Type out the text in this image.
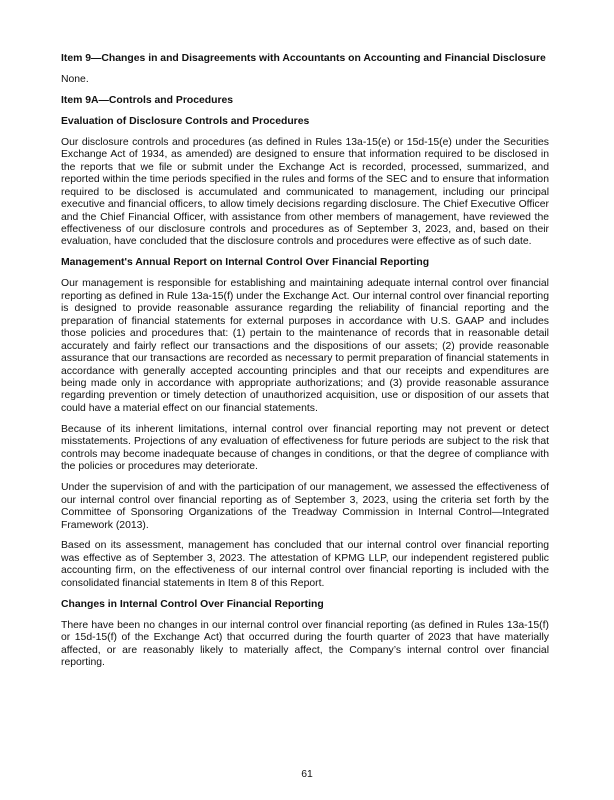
Item 9—Changes in and Disagreements with Accountants on Accounting and Financial Disclosure
None.
Item 9A—Controls and Procedures
Evaluation of Disclosure Controls and Procedures
Our disclosure controls and procedures (as defined in Rules 13a-15(e) or 15d-15(e) under the Securities Exchange Act of 1934, as amended) are designed to ensure that information required to be disclosed in the reports that we file or submit under the Exchange Act is recorded, processed, summarized, and reported within the time periods specified in the rules and forms of the SEC and to ensure that information required to be disclosed is accumulated and communicated to management, including our principal executive and financial officers, to allow timely decisions regarding disclosure. The Chief Executive Officer and the Chief Financial Officer, with assistance from other members of management, have reviewed the effectiveness of our disclosure controls and procedures as of September 3, 2023, and, based on their evaluation, have concluded that the disclosure controls and procedures were effective as of such date.
Management's Annual Report on Internal Control Over Financial Reporting
Our management is responsible for establishing and maintaining adequate internal control over financial reporting as defined in Rule 13a-15(f) under the Exchange Act. Our internal control over financial reporting is designed to provide reasonable assurance regarding the reliability of financial reporting and the preparation of financial statements for external purposes in accordance with U.S. GAAP and includes those policies and procedures that: (1) pertain to the maintenance of records that in reasonable detail accurately and fairly reflect our transactions and the dispositions of our assets; (2) provide reasonable assurance that our transactions are recorded as necessary to permit preparation of financial statements in accordance with generally accepted accounting principles and that our receipts and expenditures are being made only in accordance with appropriate authorizations; and (3) provide reasonable assurance regarding prevention or timely detection of unauthorized acquisition, use or disposition of our assets that could have a material effect on our financial statements.
Because of its inherent limitations, internal control over financial reporting may not prevent or detect misstatements. Projections of any evaluation of effectiveness for future periods are subject to the risk that controls may become inadequate because of changes in conditions, or that the degree of compliance with the policies or procedures may deteriorate.
Under the supervision of and with the participation of our management, we assessed the effectiveness of our internal control over financial reporting as of September 3, 2023, using the criteria set forth by the Committee of Sponsoring Organizations of the Treadway Commission in Internal Control—Integrated Framework (2013).
Based on its assessment, management has concluded that our internal control over financial reporting was effective as of September 3, 2023. The attestation of KPMG LLP, our independent registered public accounting firm, on the effectiveness of our internal control over financial reporting is included with the consolidated financial statements in Item 8 of this Report.
Changes in Internal Control Over Financial Reporting
There have been no changes in our internal control over financial reporting (as defined in Rules 13a-15(f) or 15d-15(f) of the Exchange Act) that occurred during the fourth quarter of 2023 that have materially affected, or are reasonably likely to materially affect, the Company’s internal control over financial reporting.
61
